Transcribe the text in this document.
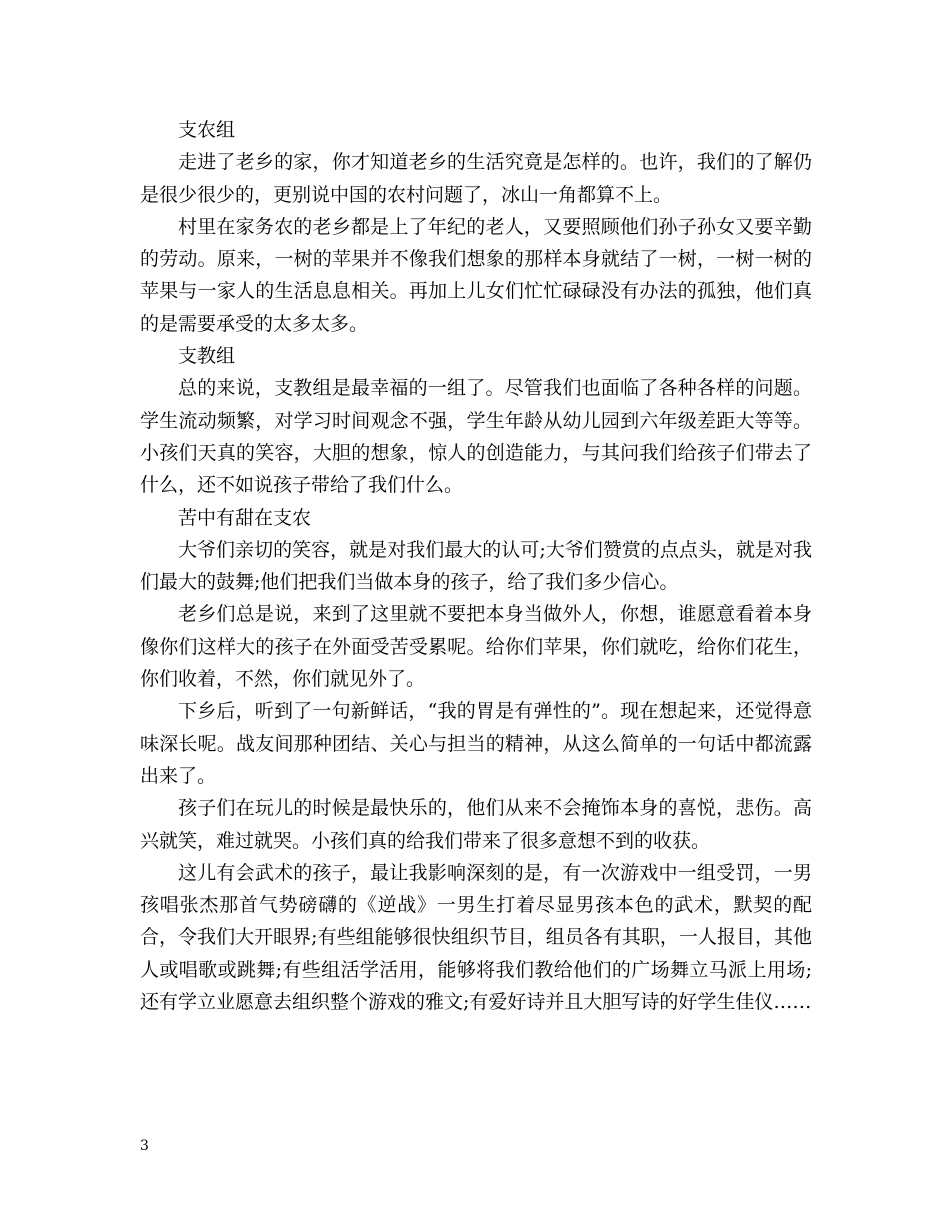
支农组

走进了老乡的家，你才知道老乡的生活究竟是怎样的。也许，我们的了解仍是很少很少的，更别说中国的农村问题了，冰山一角都算不上。

村里在家务农的老乡都是上了年纪的老人，又要照顾他们孙子孙女又要辛勤的劳动。原来，一树的苹果并不像我们想象的那样本身就结了一树，一树一树的苹果与一家人的生活息息相关。再加上儿女们忙忙碌碌没有办法的孤独，他们真的是需要承受的太多太多。

支教组

总的来说，支教组是最幸福的一组了。尽管我们也面临了各种各样的问题。学生流动频繁，对学习时间观念不强，学生年龄从幼儿园到六年级差距大等等。小孩们天真的笑容，大胆的想象，惊人的创造能力，与其问我们给孩子们带去了什么，还不如说孩子带给了我们什么。

苦中有甜在支农

大爷们亲切的笑容，就是对我们最大的认可;大爷们赞赏的点点头，就是对我们最大的鼓舞;他们把我们当做本身的孩子，给了我们多少信心。

老乡们总是说，来到了这里就不要把本身当做外人，你想，谁愿意看着本身像你们这样大的孩子在外面受苦受累呢。给你们苹果，你们就吃，给你们花生，你们收着，不然，你们就见外了。

下乡后，听到了一句新鲜话，“我的胃是有弹性的”。现在想起来，还觉得意味深长呢。战友间那种团结、关心与担当的精神，从这么简单的一句话中都流露出来了。

孩子们在玩儿的时候是最快乐的，他们从来不会掩饰本身的喜悦，悲伤。高兴就笑，难过就哭。小孩们真的给我们带来了很多意想不到的收获。

这儿有会武术的孩子，最让我影响深刻的是，有一次游戏中一组受罚，一男孩唱张杰那首气势磅礴的《逆战》一男生打着尽显男孩本色的武术，默契的配合，令我们大开眼界;有些组能够很快组织节目，组员各有其职，一人报目，其他人或唱歌或跳舞;有些组活学活用，能够将我们教给他们的广场舞立马派上用场;还有学立业愿意去组织整个游戏的雅文;有爱好诗并且大胆写诗的好学生佳仪……

3
